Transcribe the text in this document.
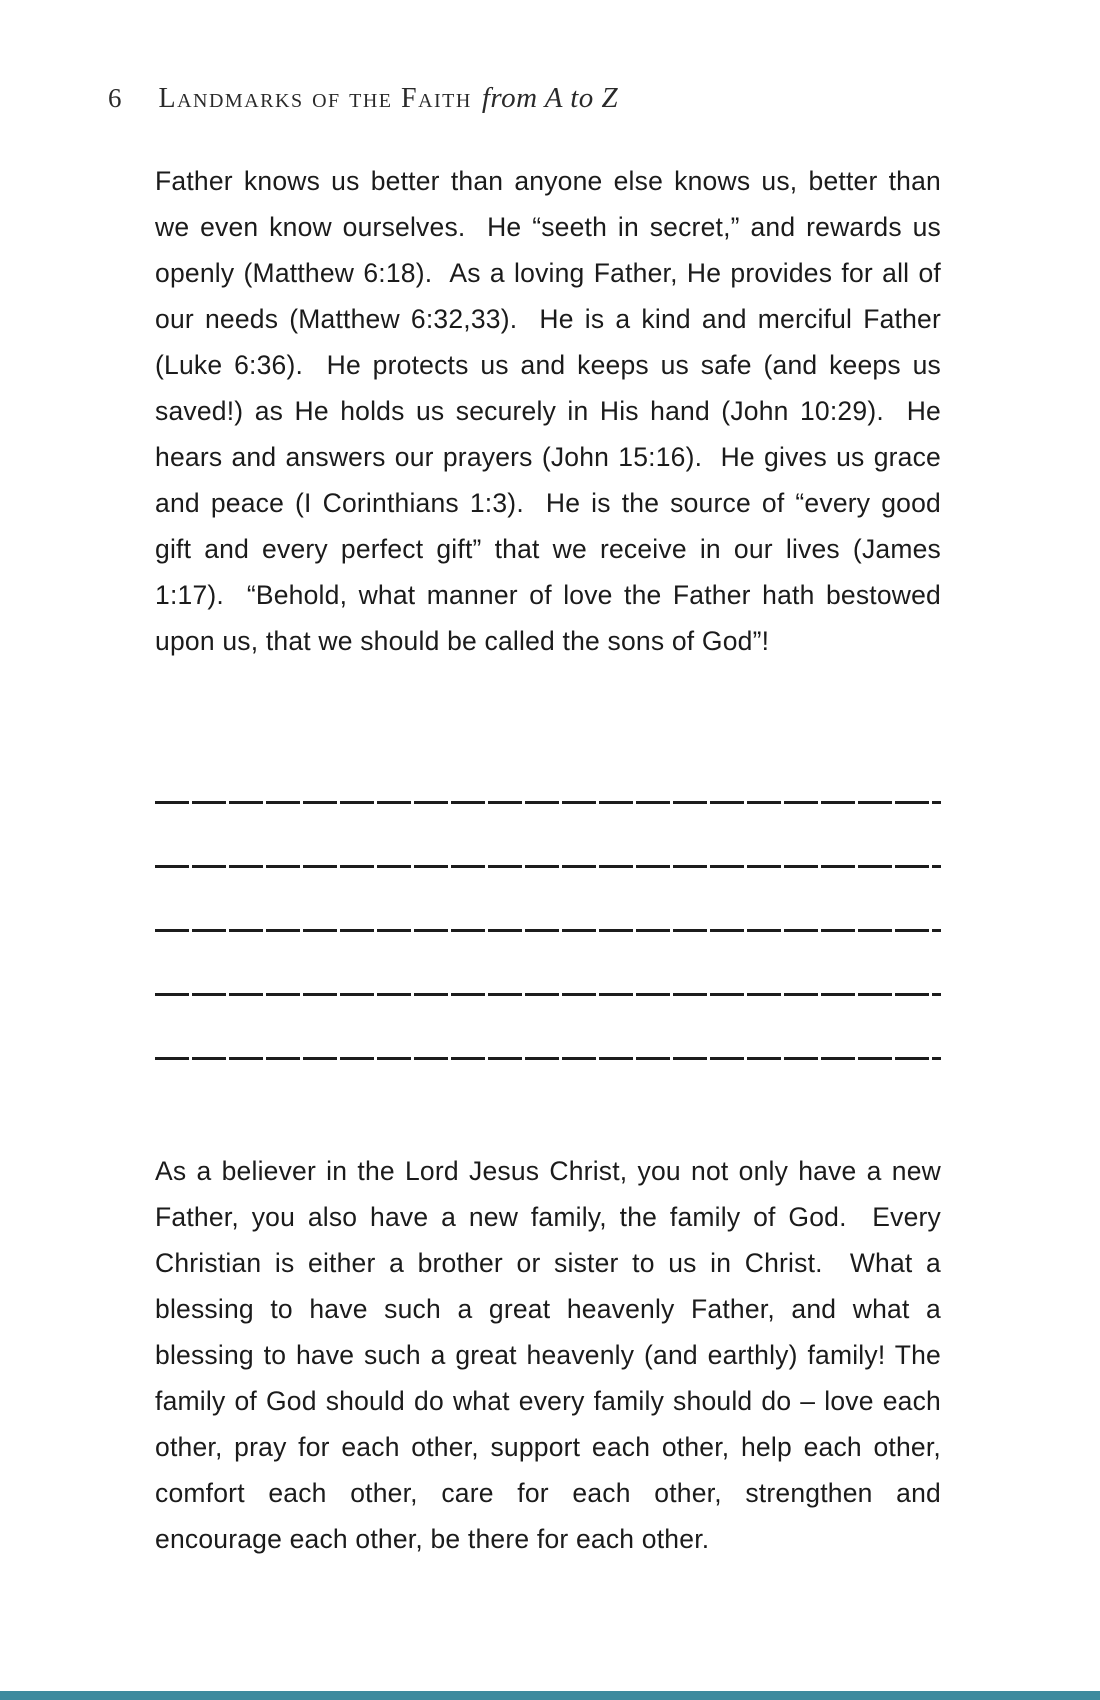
6 Landmarks of the Faith from A to Z

Father knows us better than anyone else knows us, better than we even know ourselves.  He “seeth in secret,” and rewards us openly (Matthew 6:18).  As a loving Father, He provides for all of our needs (Matthew 6:32,33).  He is a kind and merciful Father (Luke 6:36).  He protects us and keeps us safe (and keeps us saved!) as He holds us securely in His hand (John 10:29).  He hears and answers our prayers (John 15:16).  He gives us grace and peace (I Corinthians 1:3).  He is the source of “every good gift and every perfect gift” that we receive in our lives (James 1:17).  “Behold, what manner of love the Father hath bestowed upon us, that we should be called the sons of God”!

As a believer in the Lord Jesus Christ, you not only have a new Father, you also have a new family, the family of God.  Every Christian is either a brother or sister to us in Christ.  What a blessing to have such a great heavenly Father, and what a blessing to have such a great heavenly (and earthly) family! The family of God should do what every family should do – love each other, pray for each other, support each other, help each other, comfort each other, care for each other, strengthen and encourage each other, be there for each other.
